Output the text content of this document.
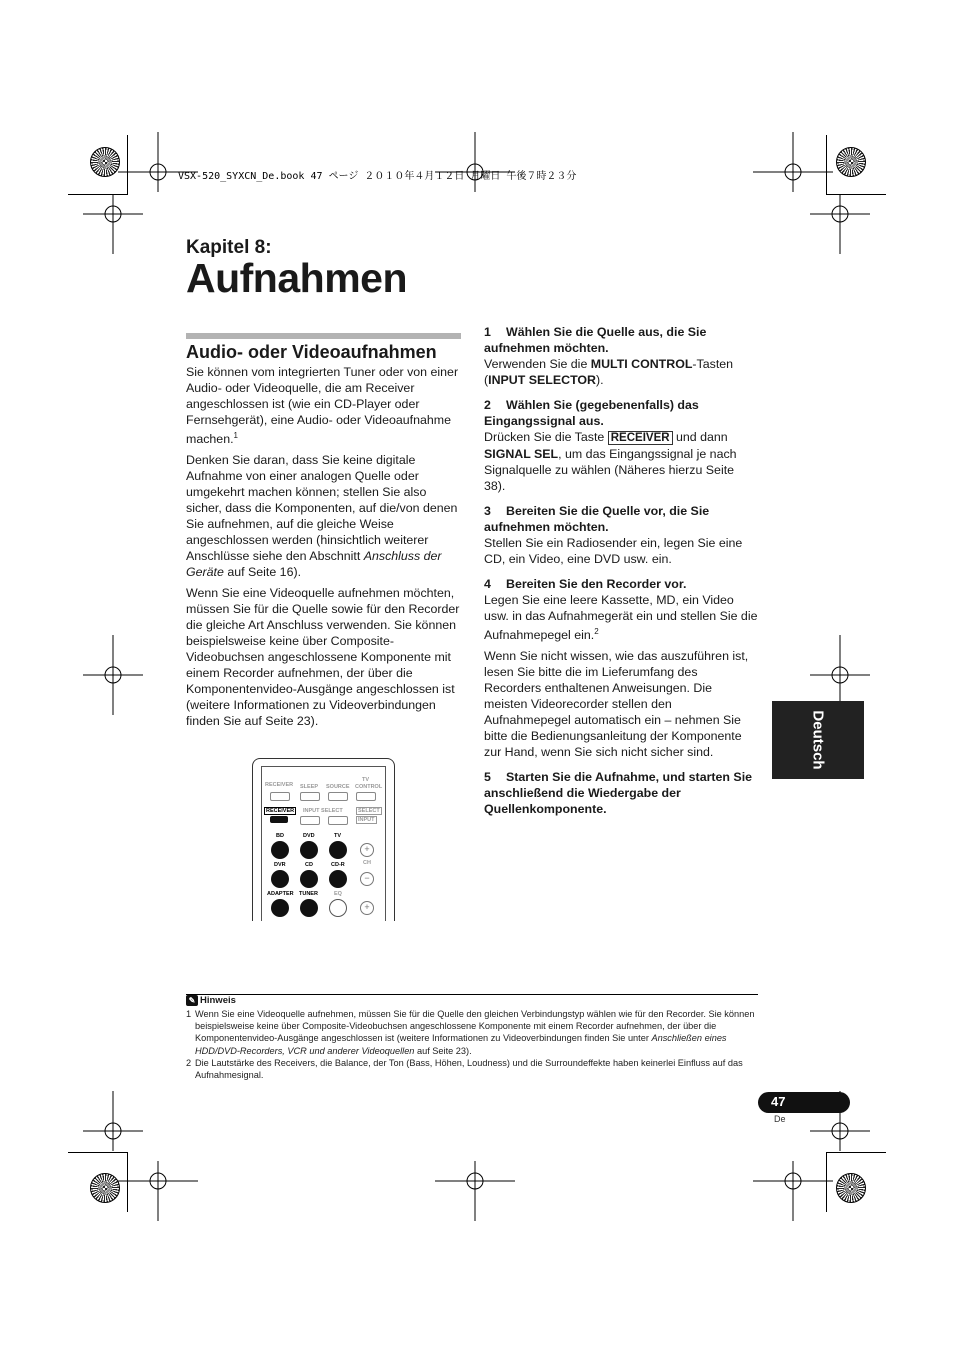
VSX-520_SYXCN_De.book 47 ページ ２０１０年４月１２日 月曜日 午後７時２３分
Kapitel 8:
Aufnahmen
Audio- oder Videoaufnahmen

Sie können vom integrierten Tuner oder von einer Audio- oder Videoquelle, die am Receiver angeschlossen ist (wie ein CD-Player oder Fernsehgerät), eine Audio- oder Videoaufnahme machen.$^1$

Denken Sie daran, dass Sie keine digitale Aufnahme von einer analogen Quelle oder umgekehrt machen können; stellen Sie also sicher, dass die Komponenten, auf die/von denen Sie aufnehmen, auf die gleiche Weise angeschlossen werden (hinsichtlich weiterer Anschlüsse siehe den Abschnitt Anschluss der Geräte auf Seite 16).

Wenn Sie eine Videoquelle aufnehmen möchten, müssen Sie für die Quelle sowie für den Recorder die gleiche Art Anschluss verwenden. Sie können beispielsweise keine über Composite-Videobuchsen angeschlossene Komponente mit einem Recorder aufnehmen, der über die Komponentenvideo-Ausgänge angeschlossen ist (weitere Informationen zu Videoverbindungen finden Sie auf Seite 23).

RECEIVER SLEEP SOURCE
TV
CONTROL
RECEIVER	INPUT SELECT	SELECT
INPUT
BD	DVD	TV
DVR	CD	CD-R
ADAPTER TUNER	EQ
+
CH
−
+

1 Wählen Sie die Quelle aus, die Sie aufnehmen möchten.

Verwenden Sie die MULTI CONTROL-Tasten (INPUT SELECTOR).

2 Wählen Sie (gegebenenfalls) das Eingangssignal aus.

Drücken Sie die Taste RECEIVER und dann SIGNAL SEL, um das Eingangssignal je nach Signalquelle zu wählen (Näheres hierzu Seite 38).

3 Bereiten Sie die Quelle vor, die Sie aufnehmen möchten.

Stellen Sie ein Radiosender ein, legen Sie eine CD, ein Video, eine DVD usw. ein.

4 Bereiten Sie den Recorder vor.

Legen Sie eine leere Kassette, MD, ein Video usw. in das Aufnahmegerät ein und stellen Sie die Aufnahmepegel ein.$^2$

Wenn Sie nicht wissen, wie das auszuführen ist, lesen Sie bitte die im Lieferumfang des Recorders enthaltenen Anweisungen. Die meisten Videorecorder stellen den Aufnahmepegel automatisch ein – nehmen Sie bitte die Bedienungsanleitung der Komponente zur Hand, wenn Sie sich nicht sicher sind.

5 Starten Sie die Aufnahme, und starten Sie anschließend die Wiedergabe der Quellenkomponente.

Deutsch
✎ Hinweis
1 Wenn Sie eine Videoquelle aufnehmen, müssen Sie für die Quelle den gleichen Verbindungstyp wählen wie für den Recorder. Sie können beispielsweise keine über Composite-Videobuchsen angeschlossene Komponente mit einem Recorder aufnehmen, der über die Komponentenvideo-Ausgänge angeschlossen ist (weitere Informationen zu Videoverbindungen finden Sie unter Anschließen eines HDD/DVD-Recorders, VCR und anderer Videoquellen auf Seite 23).
2 Die Lautstärke des Receivers, die Balance, der Ton (Bass, Höhen, Loudness) und die Surroundeffekte haben keinerlei Einfluss auf das Aufnahmesignal.
47
De
